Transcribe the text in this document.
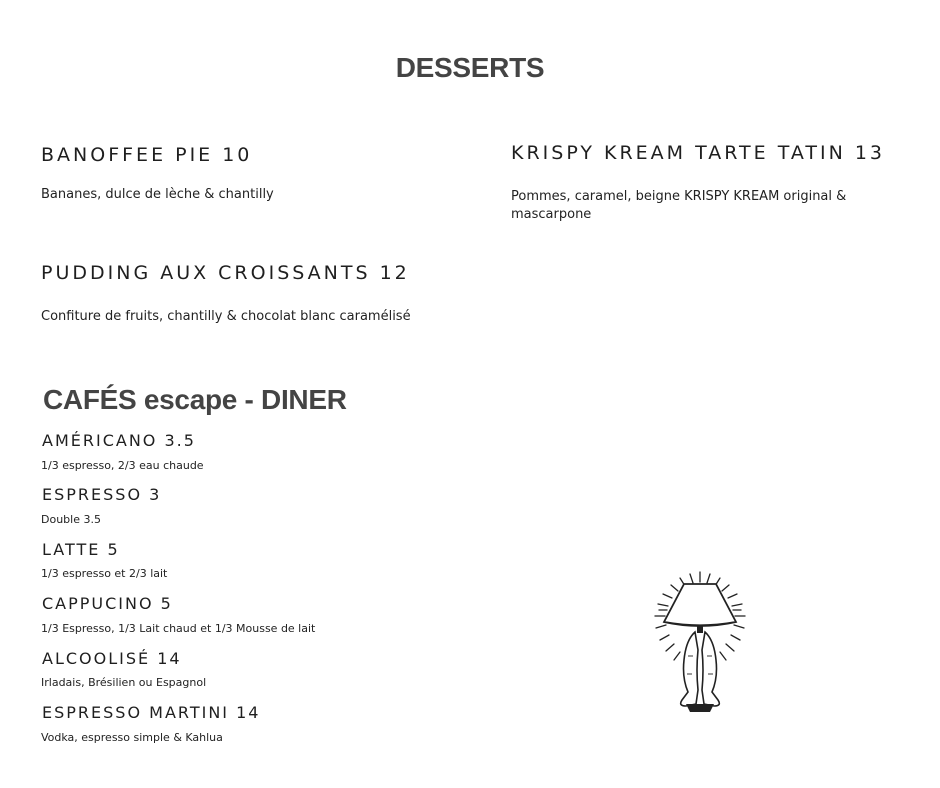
DESSERTS
BANOFFEE PIE 10
Bananes, dulce de lèche & chantilly
KRISPY KREAM TARTE TATIN 13
Pommes, caramel, beigne KRISPY KREAM original & mascarpone
PUDDING AUX CROISSANTS 12
Confiture de fruits, chantilly & chocolat blanc caramélisé
CAFÉS escape - DINER
AMÉRICANO 3.5
1/3 espresso, 2/3 eau chaude
ESPRESSO 3
Double 3.5
LATTE 5
1/3 espresso et 2/3 lait
CAPPUCINO 5
1/3 Espresso, 1/3 Lait chaud et 1/3 Mousse de lait
ALCOOLISÉ 14
Irladais, Brésilien ou Espagnol
ESPRESSO MARTINI 14
Vodka, espresso simple & Kahlua
